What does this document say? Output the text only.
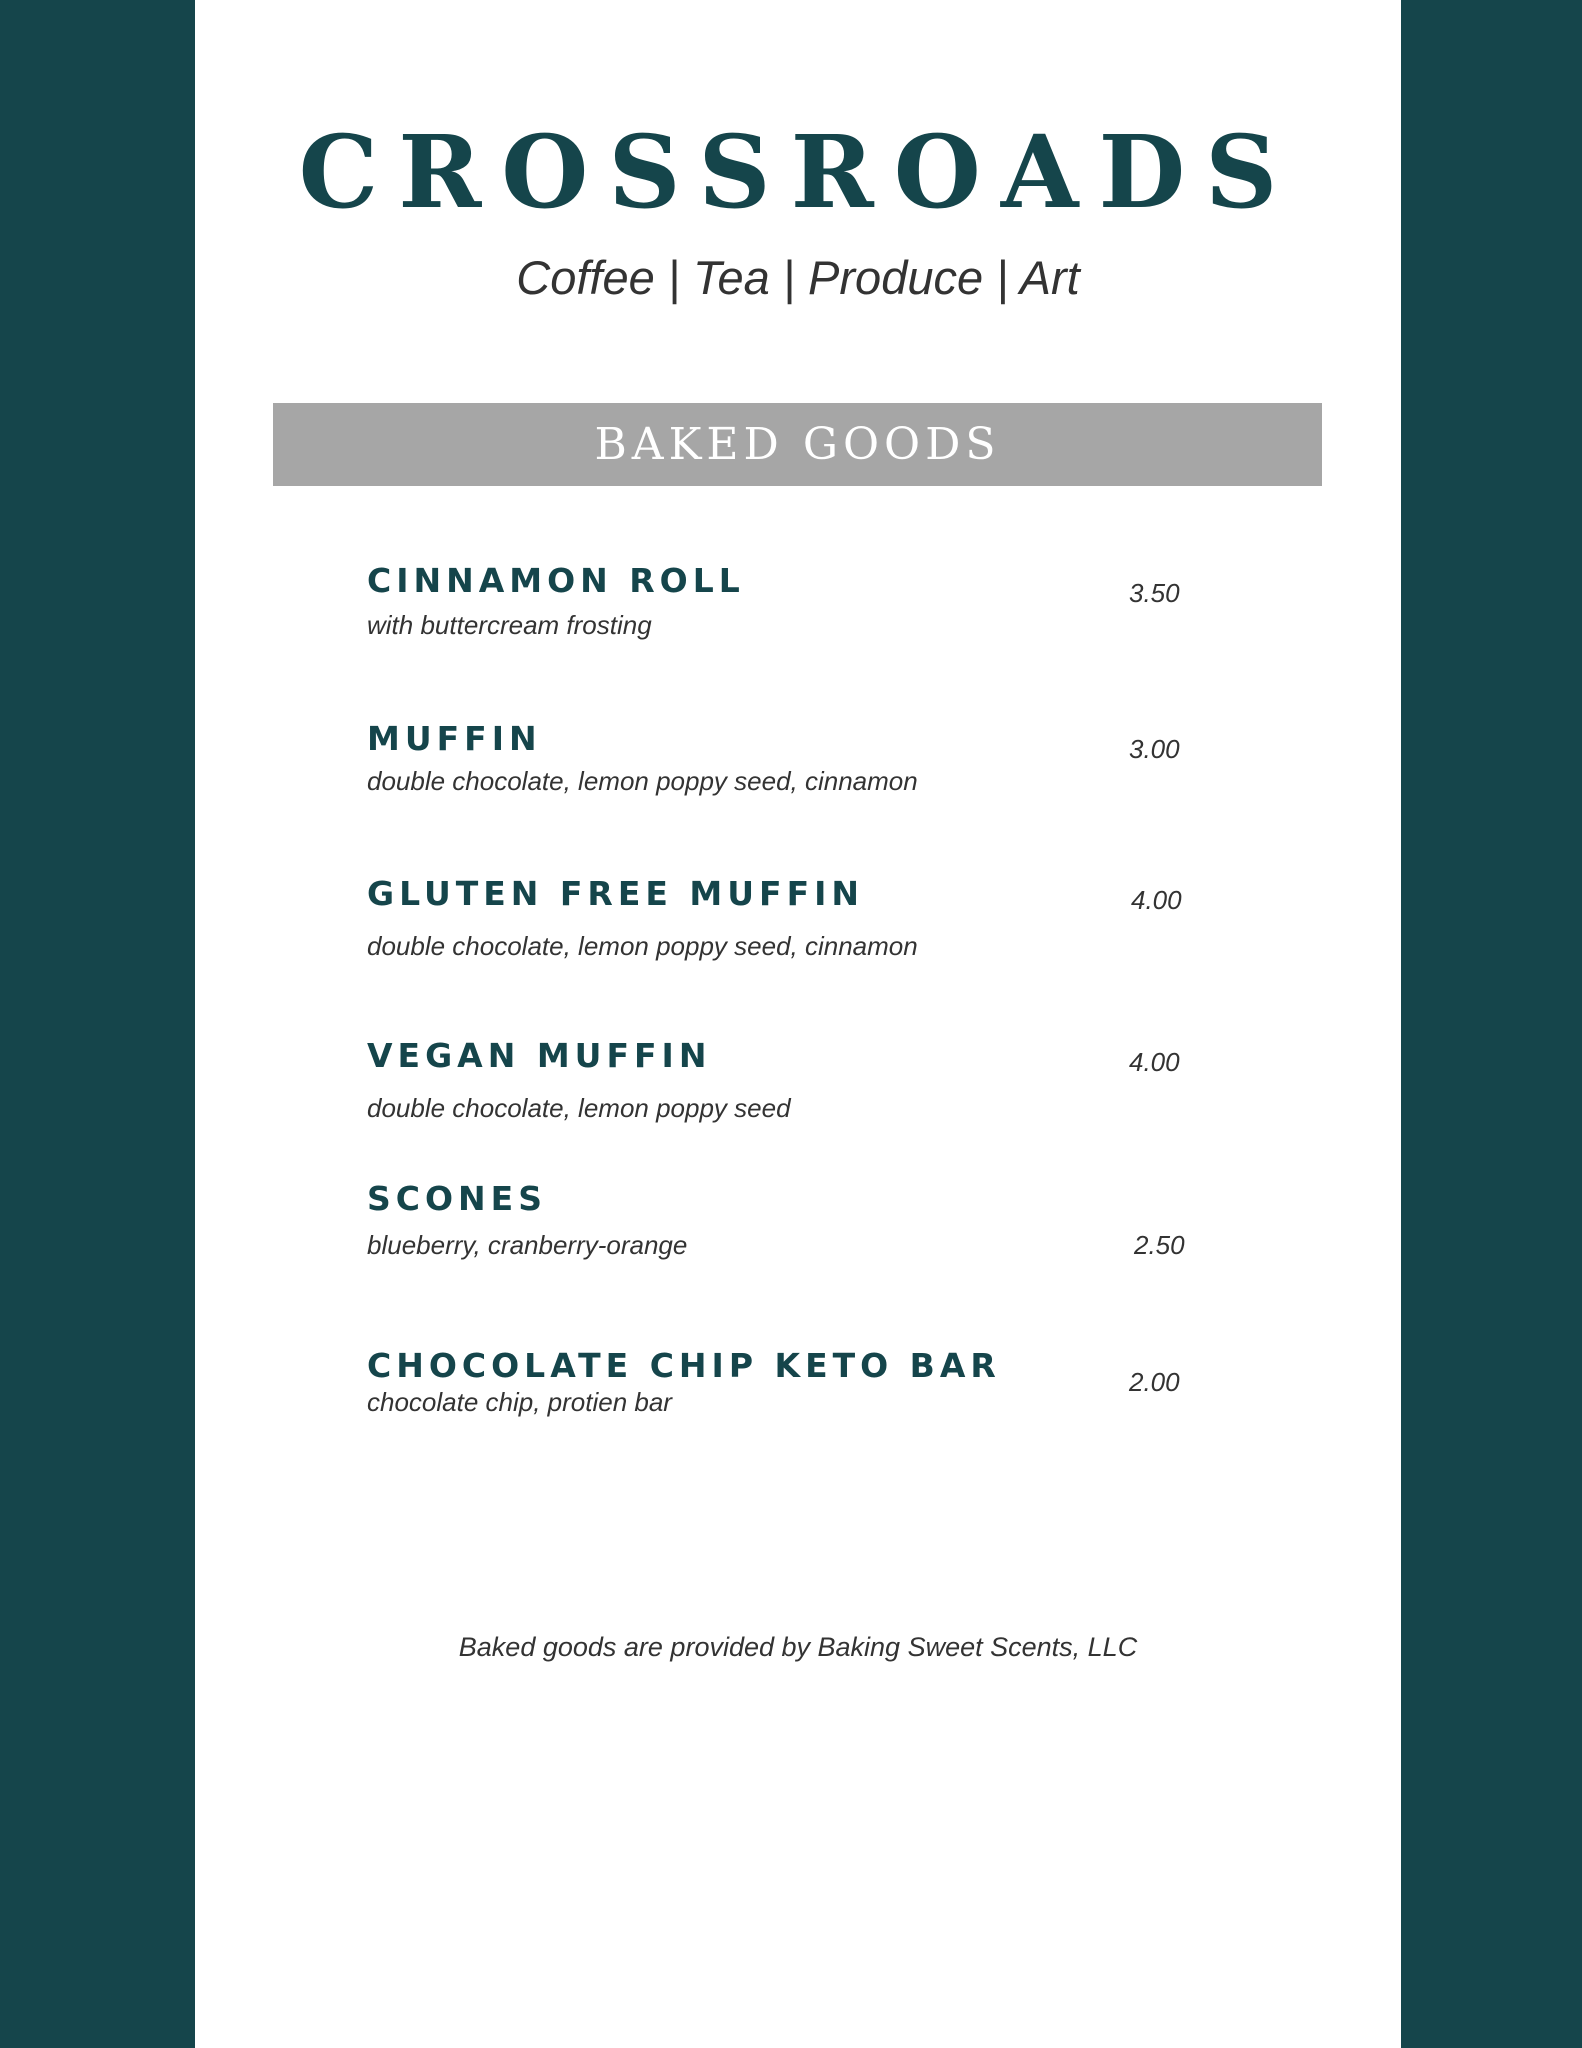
CROSSROADS
Coffee | Tea | Produce | Art
BAKED GOODS
CINNAMON ROLL
with buttercream frosting
3.50
MUFFIN
double chocolate, lemon poppy seed, cinnamon
3.00
GLUTEN FREE MUFFIN
double chocolate, lemon poppy seed, cinnamon
4.00
VEGAN MUFFIN
double chocolate, lemon poppy seed
4.00
SCONES
blueberry, cranberry-orange	2.50
CHOCOLATE CHIP KETO BAR
chocolate chip, protien bar
2.00
Baked goods are provided by Baking Sweet Scents, LLC
